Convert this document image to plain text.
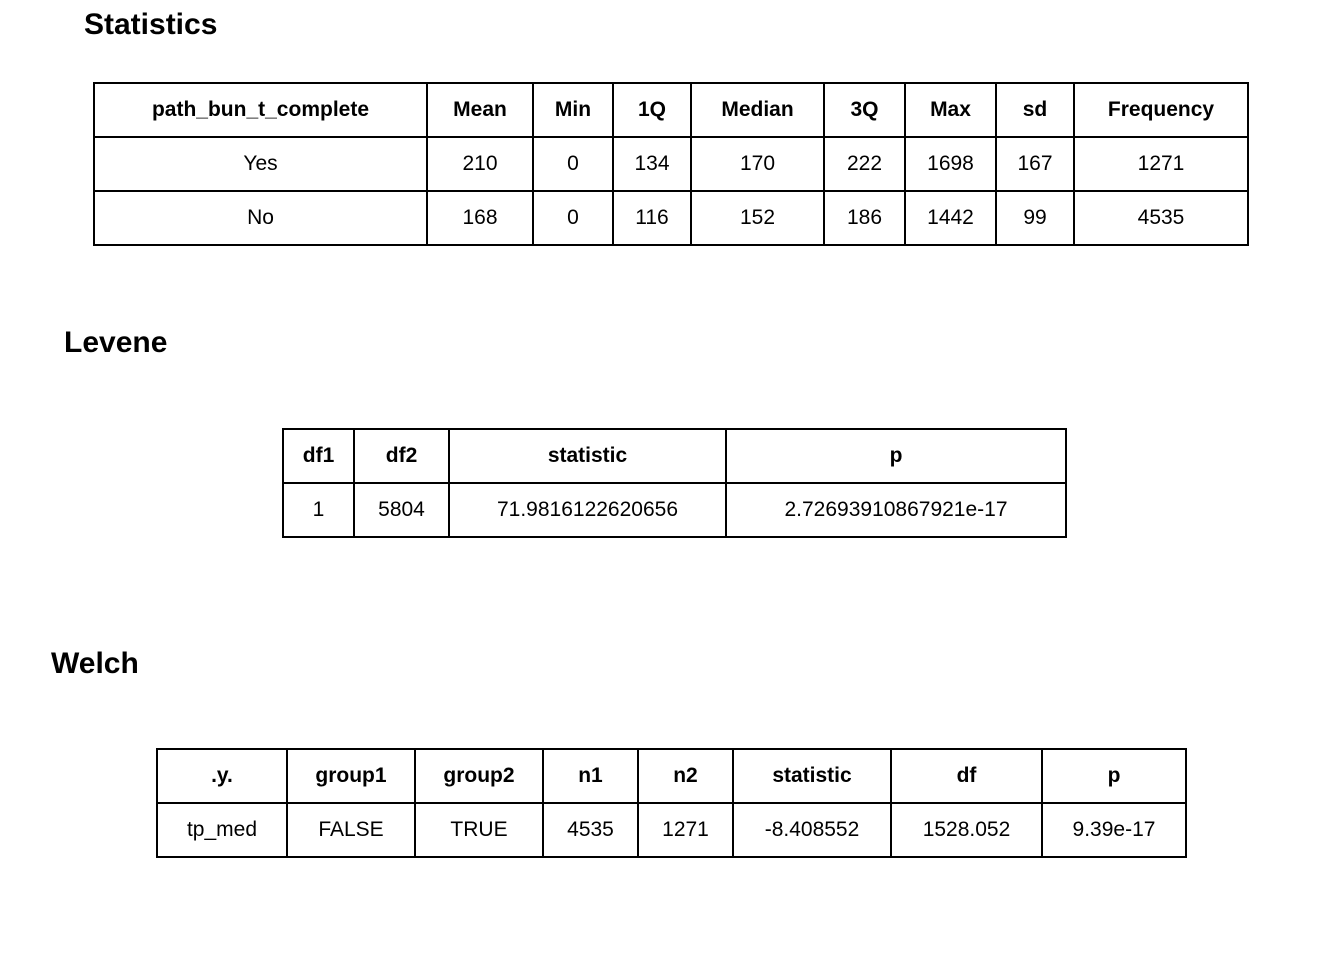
Statistics
path_bun_t_complete	Mean	Min	1Q	Median	3Q	Max	sd	Frequency
Yes	210	0	134	170	222	1698	167	1271
No	168	0	116	152	186	1442	99	4535
Levene
df1	df2	statistic	p
1	5804	71.9816122620656	2.72693910867921e-17
Welch
.y.	group1	group2	n1	n2	statistic	df	p
tp_med	FALSE	TRUE	4535	1271	-8.408552	1528.052	9.39e-17
